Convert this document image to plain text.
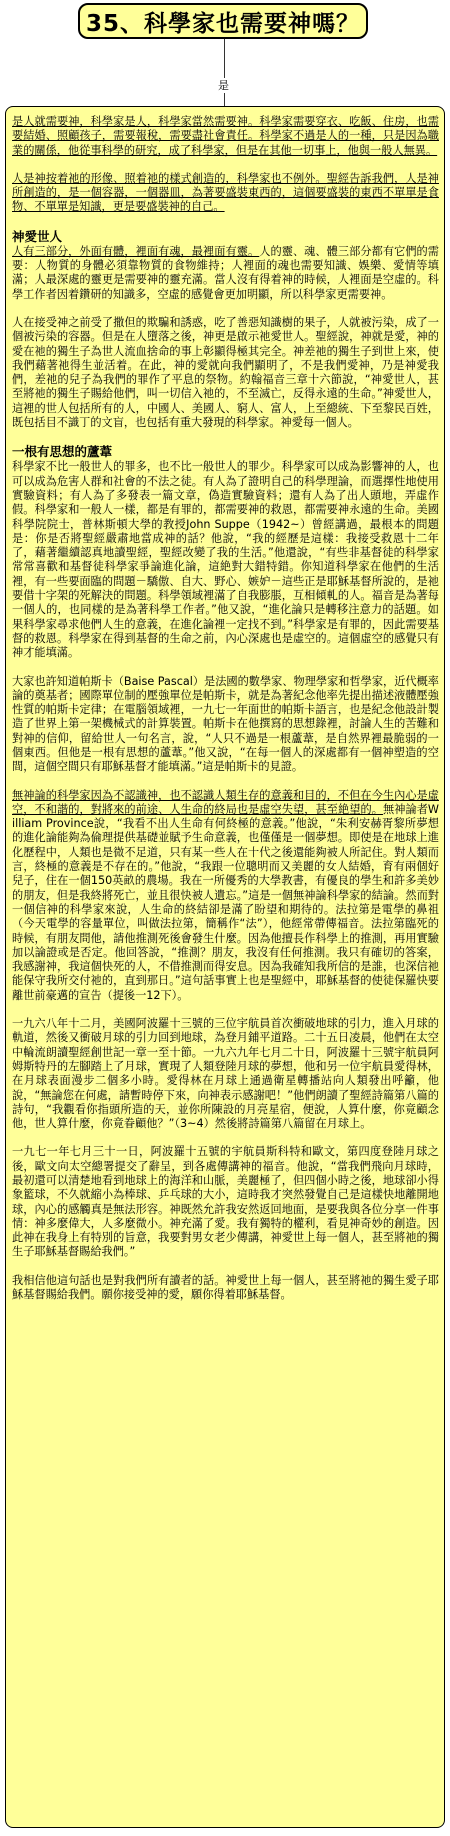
35、科學家也需要神嗎？
是

是人就需要神，科學家是人，科學家當然需要神。科學家需要穿衣、吃飯、住房，也需要結婚、照顧孩子，需要報稅，需要盡社會責任。科學家不過是人的一種，只是因為職業的關係，他從事科學的研究，成了科學家，但是在其他一切事上，他與一般人無異。

人是神按着祂的形像、照着祂的樣式創造的，科學家也不例外。聖經告訴我們，人是神所創造的，是一個容器，一個器皿，為著要盛裝東西的，這個要盛裝的東西不單單是食物、不單單是知識，更是要盛裝神的自己。

神愛世人

人有三部分，外面有體，裡面有魂，最裡面有靈。人的靈、魂、體三部分都有它們的需要：人物質的身體必須靠物質的食物維持；人裡面的魂也需要知識、娛樂、愛情等填滿；人最深處的靈更是需要神的靈充滿。當人沒有得着神的時候，人裡面是空虛的。科學工作者因着鑽研的知識多，空虛的感覺會更加明顯，所以科學家更需要神。

人在接受神之前受了撒但的欺騙和誘惑，吃了善惡知識樹的果子，人就被污染，成了一個被污染的容器。但是在人墮落之後，神更是啟示祂愛世人。聖經說，神就是愛，神的愛在祂的獨生子為世人流血捨命的事上彰顯得極其完全。神差祂的獨生子到世上來，使我們藉著祂得生並活着。在此，神的愛就向我們顯明了，不是我們愛神，乃是神愛我們，差祂的兒子為我們的罪作了平息的祭物。約翰福音三章十六節說，“神愛世人，甚至將祂的獨生子賜給他們，叫一切信入祂的，不至滅亡，反得永遠的生命。”神愛世人，這裡的世人包括所有的人，中國人、美國人、窮人、富人，上至總統、下至黎民百姓，既包括目不識丁的文盲，也包括有重大發現的科學家。神愛每一個人。

一根有思想的蘆葦

科學家不比一般世人的罪多，也不比一般世人的罪少。科學家可以成為影響神的人，也可以成為危害人群和社會的不法之徒。有人為了證明自己的科學理論，而選擇性地使用實驗資料；有人為了多發表一篇文章，偽造實驗資料；還有人為了出人頭地，弄虛作假。科學家和一般人一樣，都是有罪的，都需要神的救恩，都需要神永遠的生命。美國科學院院士，普林斯頓大學的教授John Suppe（1942~）曾經講過，最根本的問題是：你是否將聖經嚴肅地當成神的話？他說，“我的經歷是這樣：我接受救恩十二年了，藉著繼續認真地讀聖經，聖經改變了我的生活。”他還說，“有些非基督徒的科學家常常喜歡和基督徒科學家爭論進化論，這絶對大錯特錯。你知道科學家在他們的生活裡，有一些要面臨的問題－驕傲、自大、野心、嫉妒－這些正是耶穌基督所說的，是祂要借十字架的死解決的問題。科學領域裡滿了自我膨脹，互相傾軋的人。福音是為著每一個人的，也同樣的是為著科學工作者。”他又說，“進化論只是轉移注意力的話題。如果科學家尋求他們人生的意義，在進化論裡一定找不到。”科學家是有罪的，因此需要基督的救恩。科學家在得到基督的生命之前，內心深處也是虛空的。這個虛空的感覺只有神才能填滿。

大家也許知道帕斯卡（Baise Pascal）是法國的數學家、物理學家和哲學家，近代概率論的奠基者；國際單位制的壓強單位是帕斯卡，就是為著紀念他率先提出描述液體壓強性質的帕斯卡定律；在電腦領域裡，一九七一年面世的帕斯卡語言，也是紀念他設計製造了世界上第一架機械式的計算裝置。帕斯卡在他撰寫的思想錄裡，討論人生的苦難和對神的信仰，留給世人一句名言，說，“人只不過是一根蘆葦，是自然界裡最脆弱的一個東西。但他是一根有思想的蘆葦。”他又說，“在每一個人的深處都有一個神塑造的空間，這個空間只有耶穌基督才能填滿。”這是帕斯卡的見證。

無神論的科學家因為不認識神，也不認識人類生存的意義和目的，不但在今生內心是虛空，不和諧的，對將來的前途、人生命的終局也是虛空失望，甚至絶望的。無神論者William Province說，“我看不出人生命有何終極的意義。”他說，“朱利安赫胥黎所夢想的進化論能夠為倫理提供基礎並賦予生命意義，也僅僅是一個夢想。即使是在地球上進化歷程中，人類也是微不足道，只有某一些人在十代之後還能夠被人所記住。對人類而言，終極的意義是不存在的。”他說，“我跟一位聰明而又美麗的女人結婚，育有兩個好兒子，住在一個150英畝的農場。我在一所優秀的大學教書，有優良的學生和許多美妙的朋友，但是我終將死亡，並且很快被人遺忘。”這是一個無神論科學家的結論。然而對一個信神的科學家來說，人生命的終結卻是滿了盼望和期待的。法拉第是電學的鼻祖（今天電學的容量單位，叫做法拉第，簡稱作“法”），他經常帶傳福音。法拉第臨死的時候，有朋友問他，請他推測死後會發生什麼。因為他擅長作科學上的推測，再用實驗加以論證或是否定。他回答說，“推測？朋友，我沒有任何推測。我只有確切的答案，我感謝神，我這個快死的人，不借推測而得安息。因為我確知我所信的是誰，也深信祂能保守我所交付祂的，直到那日。”這句話事實上也是聖經中，耶穌基督的使徒保羅快要離世前豪邁的宣告（提後一12下）。

一九六八年十二月，美國阿波羅十三號的三位宇航員首次衝破地球的引力，進入月球的軌道，然後又衝破月球的引力回到地球，為登月鋪平道路。二十五日凌晨，他們在太空中輪流朗讀聖經創世記一章一至十節。一九六九年七月二十日，阿波羅十三號宇航員阿姆斯特丹的左腳踏上了月球，實現了人類登陸月球的夢想，他和另一位宇航員愛得林，在月球表面漫步二個多小時。愛得林在月球上通過衛星轉播站向人類發出呼籲，他說，“無論您在何處，請暫時停下來，向神表示感謝吧！”他們朗讀了聖經詩篇第八篇的詩句，“我觀看你指頭所造的天，並你所陳設的月亮星宿，便說，人算什麼，你竟顧念他，世人算什麼，你竟眷顧他？”（3~4）然後將詩篇第八篇留在月球上。

一九七一年七月三十一日，阿波羅十五號的宇航員斯科特和歐文，第四度登陸月球之後，歐文向太空總署提交了辭呈，到各處傳講神的福音。他說，“當我們飛向月球時，最初還可以清楚地看到地球上的海洋和山脈，美麗極了，但四個小時之後，地球卻小得象籃球，不久就縮小為棒球、乒乓球的大小，這時我才突然發覺自己是這樣快地離開地球，內心的感觸真是無法形容。神既然允許我安然返回地面，是要我與各位分享一件事情：神多麼偉大，人多麼微小。神充滿了愛。我有獨特的權利，看見神奇妙的創造。因此神在我身上有特別的旨意，我要對男女老少傳講，神愛世上每一個人，甚至將祂的獨生子耶穌基督賜給我們。”

我相信他這句話也是對我們所有讀者的話。神愛世上每一個人，甚至將祂的獨生愛子耶穌基督賜給我們。願你接受神的愛，願你得着耶穌基督。
